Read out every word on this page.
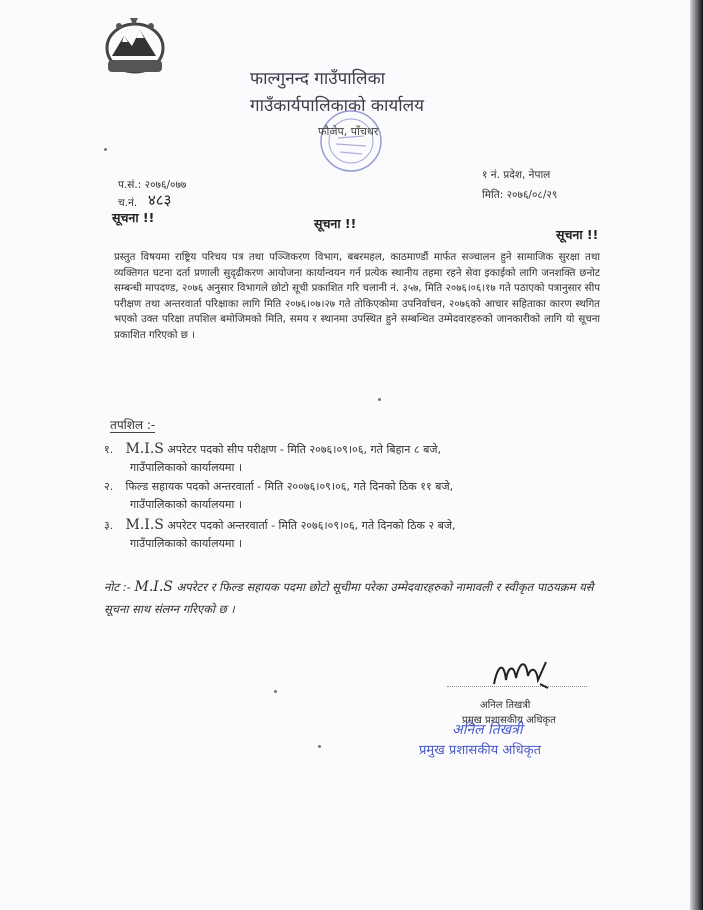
फाल्गुनन्द गाउँपालिका
गाउँकार्यपालिकाको कार्यालय
फौजेप, पाँचथर
प.सं.: २०७६/०७७
च.नं. ४८३
१ नं. प्रदेश, नेपाल
मिति: २०७६/०८/२९
सूचना !!	सूचना !!
सूचना !!
प्रस्तुत विषयमा राष्ट्रिय परिचय पत्र तथा पञ्जिकरण विभाग, बबरमहल, काठमाण्डौं मार्फत सञ्चालन हुने सामाजिक सुरक्षा तथा व्यक्तिगत घटना दर्ता प्रणाली सुदृढीकरण आयोजना कार्यान्वयन गर्न प्रत्येक स्थानीय तहमा रहने सेवा इकाईको लागि जनशक्ति छनोट सम्बन्धी मापदण्ड, २०७६ अनुसार विभागले छोटो सूची प्रकाशित गरि चलानी नं. ३५७, मिति २०७६।०६।१७ गते पठाएको पत्रानुसार सीप परीक्षण तथा अन्तरवार्ता परिक्षाका लागि मिति २०७६।०७।२७ गते तोकिएकोमा उपनिर्वाचन, २०७६को आचार सहिताका कारण स्थगित भएको उक्त परिक्षा तपशिल बमोजिमको मिति, समय र स्थानमा उपस्थित हुने सम्बन्धित उम्मेदवारहरुको जानकारीको लागि यो सूचना प्रकाशित गरिएको छ ।
तपशिल :-
१. M.I.S अपरेटर पदको सीप परीक्षण - मिति २०७६।०९।०६, गते बिहान ८ बजे,
गाउँपालिकाको कार्यालयमा ।
२. फिल्ड सहायक पदको अन्तरवार्ता - मिति २००७६।०९।०६, गते दिनको ठिक ११ बजे,
गाउँपालिकाको कार्यालयमा ।
३. M.I.S अपरेटर पदको अन्तरवार्ता - मिति २०७६।०९।०६, गते दिनको ठिक २ बजे,
गाउँपालिकाको कार्यालयमा ।
नोट :- M.I.S अपरेटर र फिल्ड सहायक पदमा छोटो सूचीमा परेका उम्मेदवारहरुको नामावली र स्वीकृत पाठयक्रम यसै सूचना साथ संलग्न गरिएको छ ।
अनिल तिखत्री
प्रमुख प्रशासकीय अधिकृत
अनिल तिखत्री
प्रमुख प्रशासकीय अधिकृत
